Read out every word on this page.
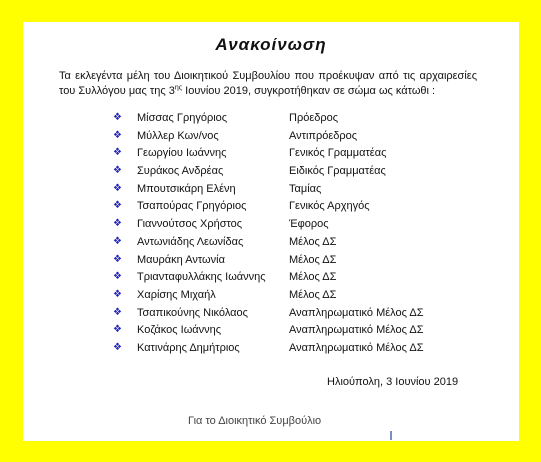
Ανακοίνωση
Τα εκλεγέντα μέλη του Διοικητικού Συμβουλίου που προέκυψαν από τις αρχαιρεσίες του Συλλόγου μας της $3^{\eta\varsigma}$ Ιουνίου 2019, συγκροτήθηκαν σε σώμα ως κάτωθι :
❖ Μίσσας Γρηγόριος	Πρόεδρος
❖ Μύλλερ Κων/νος	Αντιπρόεδρος
❖ Γεωργίου Ιωάννης	Γενικός Γραμματέας
❖ Συράκος Ανδρέας	Ειδικός Γραμματέας
❖ Μπουτσικάρη Ελένη	Ταμίας
❖ Τσαπούρας Γρηγόριος	Γενικός Αρχηγός
❖ Γιαννούτσος Χρήστος	Έφορος
❖ Αντωνιάδης Λεωνίδας	Μέλος ΔΣ
❖ Μαυράκη Αντωνία	Μέλος ΔΣ
❖ Τριανταφυλλάκης Ιωάννης Μέλος ΔΣ
❖ Χαρίσης Μιχαήλ	Μέλος ΔΣ
❖ Τσαπικούνης Νικόλαος	Αναπληρωματικό Μέλος ΔΣ
❖ Κοζάκος Ιωάννης	Αναπληρωματικό Μέλος ΔΣ
❖ Κατινάρης Δημήτριος	Αναπληρωματικό Μέλος ΔΣ
Ηλιούπολη, 3 Ιουνίου 2019
Για το Διοικητικό Συμβούλιο
